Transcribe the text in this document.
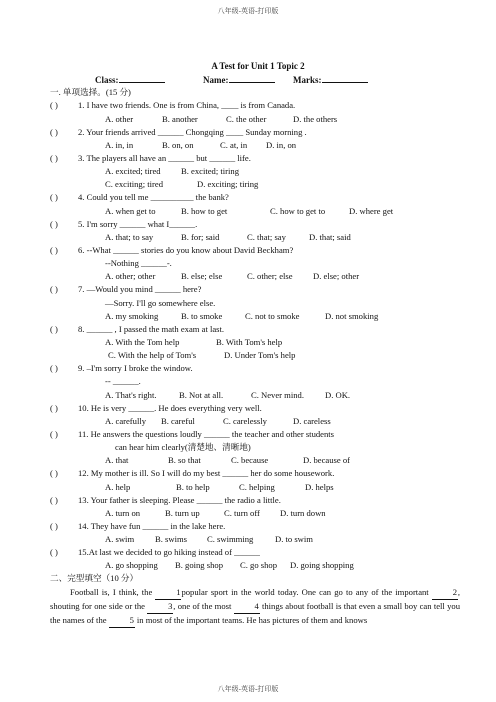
八年级-英语-打印版
A Test for Unit 1 Topic 2
Class:	Name:	Marks:
一. 单项选择。(15 分)
( ) 1. I have two friends. One is from China, ____ is from Canada.
A. other	B. another	C. the other	D. the others
( ) 2. Your friends arrived ______ Chongqing ____ Sunday morning .
A. in, in	B. on, on	C. at, in D. in, on
( ) 3. The players all have an ______ but ______ life.
A. excited; tired B. excited; tiring
C. exciting; tired	D. exciting; tiring
( ) 4. Could you tell me __________ the bank?
A. when get to	B. how to get	C. how to get to	D. where get
( ) 5. I'm sorry ______ what I______.
A. that; to say	B. for; said	C. that; say	D. that; said
( ) 6. --What ______ stories do you know about David Beckham?
--Nothing ______-.
A. other; other	B. else; else	C. other; else D. else; other
( ) 7. —Would you mind ______ here?
—Sorry. I'll go somewhere else.
A. my smoking	B. to smoke	C. not to smoke	D. not smoking
( ) 8. ______ , I passed the math exam at last.
A. With the Tom help	B. With Tom's help
C. With the help of Tom's	D. Under Tom's help
( ) 9. –I'm sorry I broke the window.
-- ______.
A. That's right.	B. Not at all.	C. Never mind. D. OK.
( ) 10. He is very ______. He does everything very well.
A. carefully B. careful	C. carelessly	D. careless
( ) 11. He answers the questions loudly ______ the teacher and other students
can hear him clearly(清楚地、清晰地)
A. that	B. so that	C. because	D. because of
( ) 12. My mother is ill. So I will do my best ______ her do some housework.
A. help	B. to help	C. helping	D. helps
( ) 13. Your father is sleeping. Please ______ the radio a little.
A. turn on	B. turn up	C. turn off D. turn down
( ) 14. They have fun ______ in the lake here.
A. swim B. swims C. swimming	D. to swim
( ) 15.At last we decided to go hiking instead of ______
A. go shopping B. going shop C. go shop D. going shopping
二、完型填空（10 分）
Football is, I think, the 1popular sport in the world today. One can go to any of the important 2, shouting for one side or the 3, one of the most 4 things about football is that even a small boy can tell you the names of the 5 in most of the important teams. He has pictures of them and knows
八年级-英语-打印版
